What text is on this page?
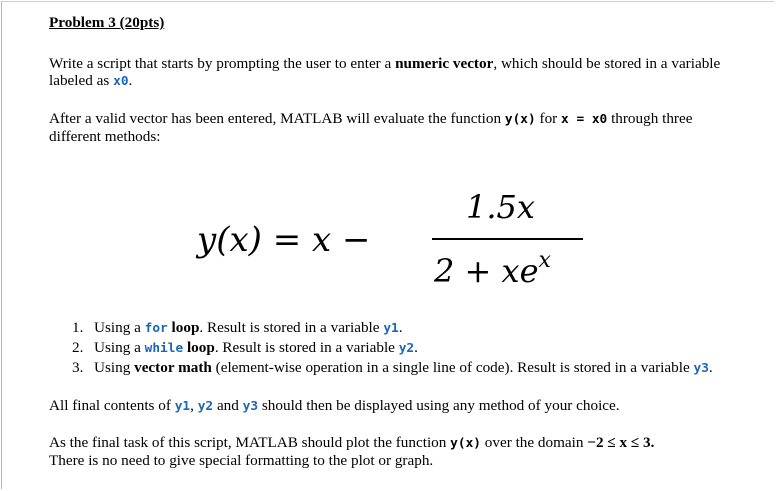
Problem 3 (20pts)
Write a script that starts by prompting the user to enter a numeric vector, which should be stored in a variable
labeled as x0.
After a valid vector has been entered, MATLAB will evaluate the function y(x) for x = x0 through three
different methods:
y(x) = x −
1.5x
$2 + xe^x$
1. Using a for loop. Result is stored in a variable y1.
2. Using a while loop. Result is stored in a variable y2.
3. Using vector math (element-wise operation in a single line of code). Result is stored in a variable y3.
All final contents of y1, y2 and y3 should then be displayed using any method of your choice.
As the final task of this script, MATLAB should plot the function y(x) over the domain −2 ≤ x ≤ 3.
There is no need to give special formatting to the plot or graph.
